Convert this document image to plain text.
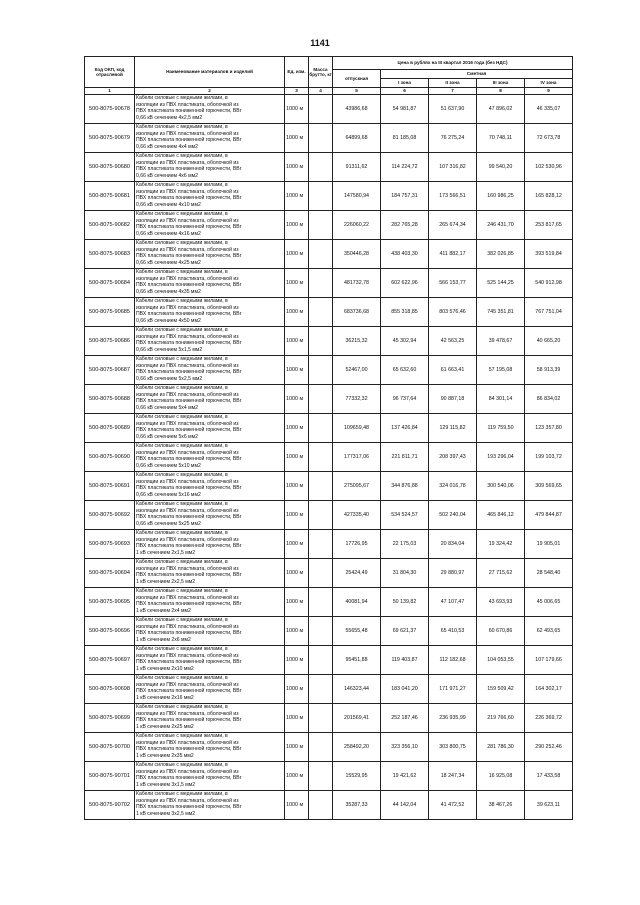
1141
Код ОКП, код отраслевой	Наименование материалов и изделий	Ед. изм.	Масса брутто, кг	Цена в рублях на III квартал 2016 года (без НДС)				
				отпускная	Сметная			
					I зона	II зона	III зона	IV зона
1	2	3	4	5	6	7	8	9
500-8075-90678	Кабели силовые с медными жилами, в
изоляции из ПВХ пластиката, оболочкой из
ПВХ пластиката пониженной горючести, ВВг
0,66 кВ сечением 4х2,5 мм2	1000 м		43986,68	54 981,87	51 637,90	47 896,02	46 335,07
500-8075-90679	Кабели силовые с медными жилами, в
изоляции из ПВХ пластиката, оболочкой из
ПВХ пластиката пониженной горючести, ВВг
0,66 кВ сечением 4х4 мм2	1000 м		64899,68	81 185,08	76 275,24	70 748,11	72 673,78
500-8075-90680	Кабели силовые с медными жилами, в
изоляции из ПВХ пластиката, оболочкой из
ПВХ пластиката пониженной горючести, ВВг
0,66 кВ сечением 4х6 мм2	1000 м		91311,62	114 224,72	107 316,82	99 540,20	102 530,96
500-8075-90681	Кабели силовые с медными жилами, в
изоляции из ПВХ пластиката, оболочкой из
ПВХ пластиката пониженной горючести, ВВг
0,66 кВ сечением 4х10 мм2	1000 м		147580,94	184 757,31	173 566,51	160 986,25	165 828,12
500-8075-90682	Кабели силовые с медными жилами, в
изоляции из ПВХ пластиката, оболочкой из
ПВХ пластиката пониженной горючести, ВВг
0,66 кВ сечением 4х16 мм2	1000 м		226060,22	282 765,28	265 674,34	246 431,70	253 817,65
500-8075-90683	Кабели силовые с медными жилами, в
изоляции из ПВХ пластиката, оболочкой из
ПВХ пластиката пониженной горючести, ВВг
0,66 кВ сечением 4х25 мм2	1000 м		350446,28	438 403,30	411 882,17	382 026,85	393 519,84
500-8075-90684	Кабели силовые с медными жилами, в
изоляции из ПВХ пластиката, оболочкой из
ПВХ пластиката пониженной горючести, ВВг
0,66 кВ сечением 4х35 мм2	1000 м		481732,78	602 622,96	566 153,77	525 144,25	540 912,98
500-8075-90685	Кабели силовые с медными жилами, в
изоляции из ПВХ пластиката, оболочкой из
ПВХ пластиката пониженной горючести, ВВг
0,66 кВ сечением 4х50 мм2	1000 м		683736,68	855 318,85	803 576,46	745 351,81	767 751,04
500-8075-90686	Кабели силовые с медными жилами, в
изоляции из ПВХ пластиката, оболочкой из
ПВХ пластиката пониженной горючести, ВВг
0,66 кВ сечением 5х1,5 мм2	1000 м		36215,32	45 302,94	42 563,25	39 478,67	40 665,20
500-8075-90687	Кабели силовые с медными жилами, в
изоляции из ПВХ пластиката, оболочкой из
ПВХ пластиката пониженной горючести, ВВг
0,66 кВ сечением 5х2,5 мм2	1000 м		52467,00	65 632,60	61 663,41	57 195,08	58 913,39
500-8075-90688	Кабели силовые с медными жилами, в
изоляции из ПВХ пластиката, оболочкой из
ПВХ пластиката пониженной горючести, ВВг
0,66 кВ сечением 5х4 мм2	1000 м		77332,32	96 737,64	90 887,18	84 301,14	86 834,02
500-8075-90689	Кабели силовые с медными жилами, в
изоляции из ПВХ пластиката, оболочкой из
ПВХ пластиката пониженной горючести, ВВг
0,66 кВ сечением 5х6 мм2	1000 м		109659,48	137 426,84	129 115,82	119 759,50	123 357,80
500-8075-90690	Кабели силовые с медными жилами, в
изоляции из ПВХ пластиката, оболочкой из
ПВХ пластиката пониженной горючести, ВВг
0,66 кВ сечением 5х10 мм2	1000 м		177317,06	221 811,71	208 397,43	193 296,04	199 103,72
500-8075-90691	Кабели силовые с медными жилами, в
изоляции из ПВХ пластиката, оболочкой из
ПВХ пластиката пониженной горючести, ВВг
0,66 кВ сечением 5х16 мм2	1000 м		275095,67	344 876,88	324 016,78	300 540,06	309 569,65
500-8075-90692	Кабели силовые с медными жилами, в
изоляции из ПВХ пластиката, оболочкой из
ПВХ пластиката пониженной горючести, ВВг
0,66 кВ сечением 5х25 мм2	1000 м		427335,40	534 524,57	502 240,04	465 846,12	479 844,87
500-8075-90693	Кабели силовые с медными жилами, в
изоляции из ПВХ пластиката, оболочкой из
ПВХ пластиката пониженной горючести, ВВг
1 кВ сечением 2х1,5 мм2	1000 м		17726,95	22 175,03	20 834,04	19 324,42	19 905,01
500-8075-90694	Кабели силовые с медными жилами, в
изоляции из ПВХ пластиката, оболочкой из
ПВХ пластиката пониженной горючести, ВВг
1 кВ сечением 2х2,5 мм2	1000 м		25424,49	31 804,30	29 880,97	27 715,62	28 548,40
500-8075-90695	Кабели силовые с медными жилами, в
изоляции из ПВХ пластиката, оболочкой из
ПВХ пластиката пониженной горючести, ВВг
1 кВ сечением 2х4 мм2	1000 м		40081,94	50 139,82	47 107,47	43 693,93	45 006,65
500-8075-90696	Кабели силовые с медными жилами, в
изоляции из ПВХ пластиката, оболочкой из
ПВХ пластиката пониженной горючести, ВВг
1 кВ сечением 2х6 мм2	1000 м		55655,48	69 621,37	65 410,53	60 670,86	62 493,65
500-8075-90697	Кабели силовые с медными жилами, в
изоляции из ПВХ пластиката, оболочкой из
ПВХ пластиката пониженной горючести, ВВг
1 кВ сечением 2х10 мм2	1000 м		95451,88	119 403,87	112 182,68	104 053,55	107 179,66
500-8075-90698	Кабели силовые с медными жилами, в
изоляции из ПВХ пластиката, оболочкой из
ПВХ пластиката пониженной горючести, ВВг
1 кВ сечением 2х16 мм2	1000 м		146323,44	183 041,20	171 971,27	159 509,42	164 302,17
500-8075-90699	Кабели силовые с медными жилами, в
изоляции из ПВХ пластиката, оболочкой из
ПВХ пластиката пониженной горючести, ВВг
1 кВ сечением 2х25 мм2	1000 м		201569,41	252 187,46	236 935,99	219 766,60	226 369,72
500-8075-90700	Кабели силовые с медными жилами, в
изоляции из ПВХ пластиката, оболочкой из
ПВХ пластиката пониженной горючести, ВВг
1 кВ сечением 2х35 мм2	1000 м		258492,20	323 356,10	303 800,75	281 786,30	290 252,46
500-8075-90701	Кабели силовые с медными жилами, в
изоляции из ПВХ пластиката, оболочкой из
ПВХ пластиката пониженной горючести, ВВг
1 кВ сечением 3х1,5 мм2	1000 м		15529,95	19 421,62	18 247,34	16 925,08	17 433,58
500-8075-90702	Кабели силовые с медными жилами, в
изоляции из ПВХ пластиката, оболочкой из
ПВХ пластиката пониженной горючести, ВВг
1 кВ сечением 3х2,5 мм2	1000 м		35287,33	44 142,04	41 472,52	38 467,26	39 623,11
